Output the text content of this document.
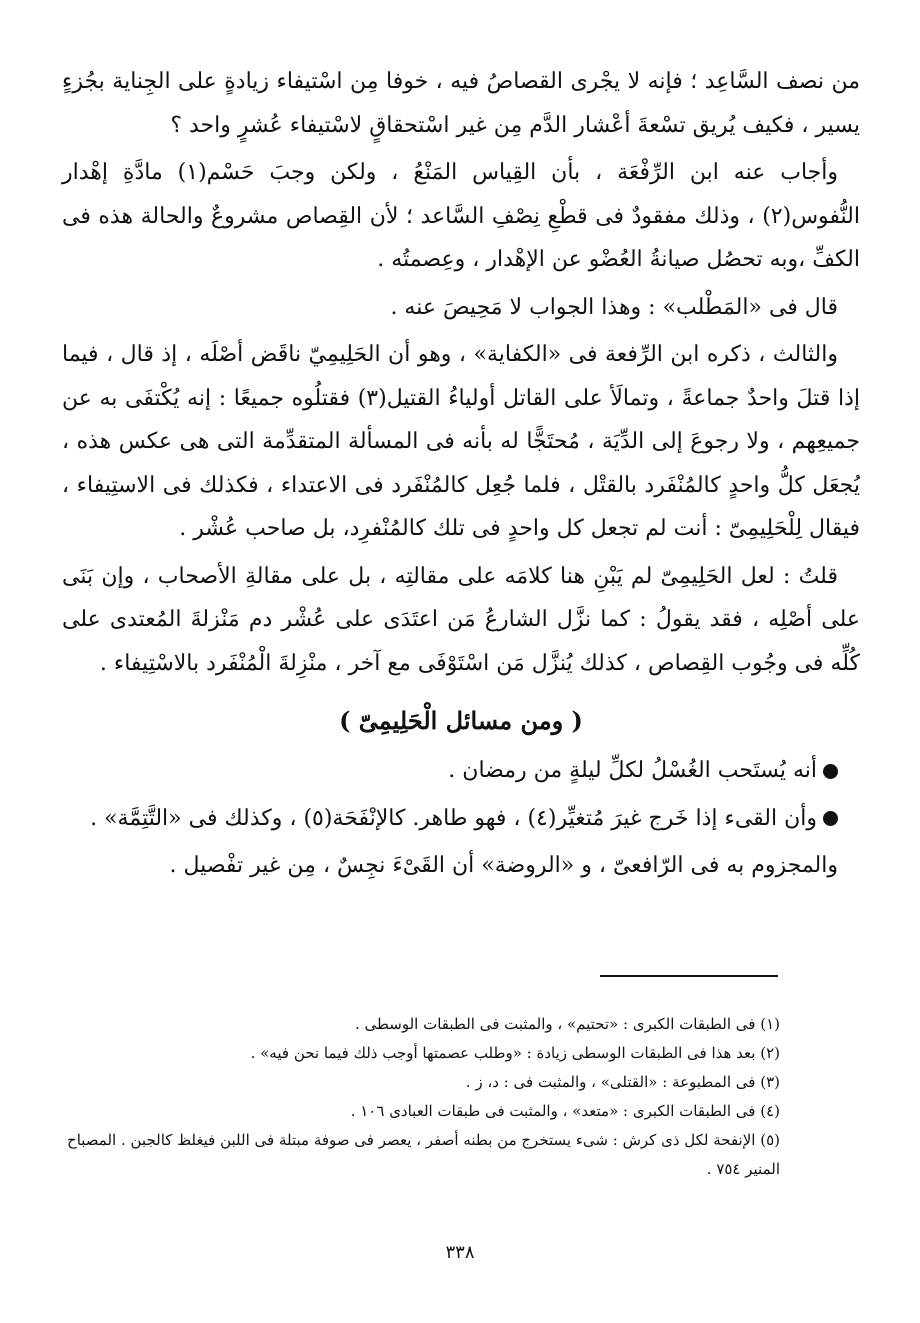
من نصف السَّاعِد ؛ فإنه لا يجْرى القصاصُ فيه ، خوفا مِن اسْتيفاء زيادةٍ على الجِناية بجُزءٍ يسير ، فكيف يُريق تسْعةَ أعْشار الدَّم مِن غير اسْتحقاقٍ لاسْتيفاء عُشرٍ واحد ؟

وأجاب عنه ابن الرِّفْعَة ، بأن القِياس المَنْعُ ، ولكن وجبَ حَسْم(١) مادَّةِ إهْدار النُّفوس(٢) ، وذلك مفقودٌ فى قطْعِ نِصْفِ السَّاعد ؛ لأن القِصاص مشروعٌ والحالة هذه فى الكفِّ ،وبه تحصُل صيانةُ العُضْو عن الإهْدار ، وعِصمتُه .

قال فى «المَطْلب» : وهذا الجواب لا مَحِيصَ عنه .

والثالث ، ذكره ابن الرِّفعة فى «الكفاية» ، وهو أن الحَلِيمِيّ ناقَض أصْلَه ، إذ قال ، فيما إذا قتلَ واحدٌ جماعةً ، وتمالَأ على القاتل أولياءُ القتيل(٣) فقتلُوه جميعًا : إنه يُكْتفَى به عن جميعِهم ، ولا رجوعَ إلى الدِّيَة ، مُحتَجًّا له بأنه فى المسألة المتقدِّمة التى هى عكس هذه ، يُجعَل كلُّ واحدٍ كالمُنْفَرد بالقتْل ، فلما جُعِل كالمُنْفَرد فى الاعتداء ، فكذلك فى الاستِيفاء ، فيقال لِلْحَلِيمِىّ : أنت لم تجعل كل واحدٍ فى تلك كالمُنْفرِد، بل صاحب عُشْر .

قلتُ : لعل الحَلِيمِىّ لم يَبْنِ هنا كلامَه على مقالتِه ، بل على مقالةِ الأصحاب ، وإن بَنَى على أصْلِه ، فقد يقولُ : كما نزَّل الشارعُ مَن اعتَدَى على عُشْر دم مَنْزلةَ المُعتدى على كُلِّه فى وجُوب القِصاص ، كذلك يُنزَّل مَن اسْتَوْفَى مع آخر ، منْزِلةَ الْمُنْفَرد بالاسْتِيفاء .

( ومن مسائل الْحَلِيمِىّ )

أنه يُستَحب الغُسْلُ لكلِّ ليلةٍ من رمضان .

وأن القىء إذا خَرج غيرَ مُتغيِّر(٤) ، فهو طاهر. كالإنْفَحَة(٥) ، وكذلك فى «التَّتِمَّة» .

والمجزوم به فى الرّافعىّ ، و «الروضة» أن القَىْءَ نجِسٌ ، مِن غير تفْصيل .

(١) فى الطبقات الكبرى : «تحتيم» ، والمثبت فى الطبقات الوسطى .

(٢) بعد هذا فى الطبقات الوسطى زيادة : «وطلب عصمتها أوجب ذلك فيما نحن فيه» .

(٣) فى المطبوعة : «القتلى» ، والمثبت فى : د، ز .

(٤) فى الطبقات الكبرى : «متعد» ، والمثبت فى طبقات العبادى ١٠٦ .

(٥) الإنفحة لكل ذى كرش : شىء يستخرج من بطنه أصفر ، يعصر فى صوفة مبتلة فى اللبن فيغلظ كالجبن . المصباح المنير ٧٥٤ .

٣٣٨
